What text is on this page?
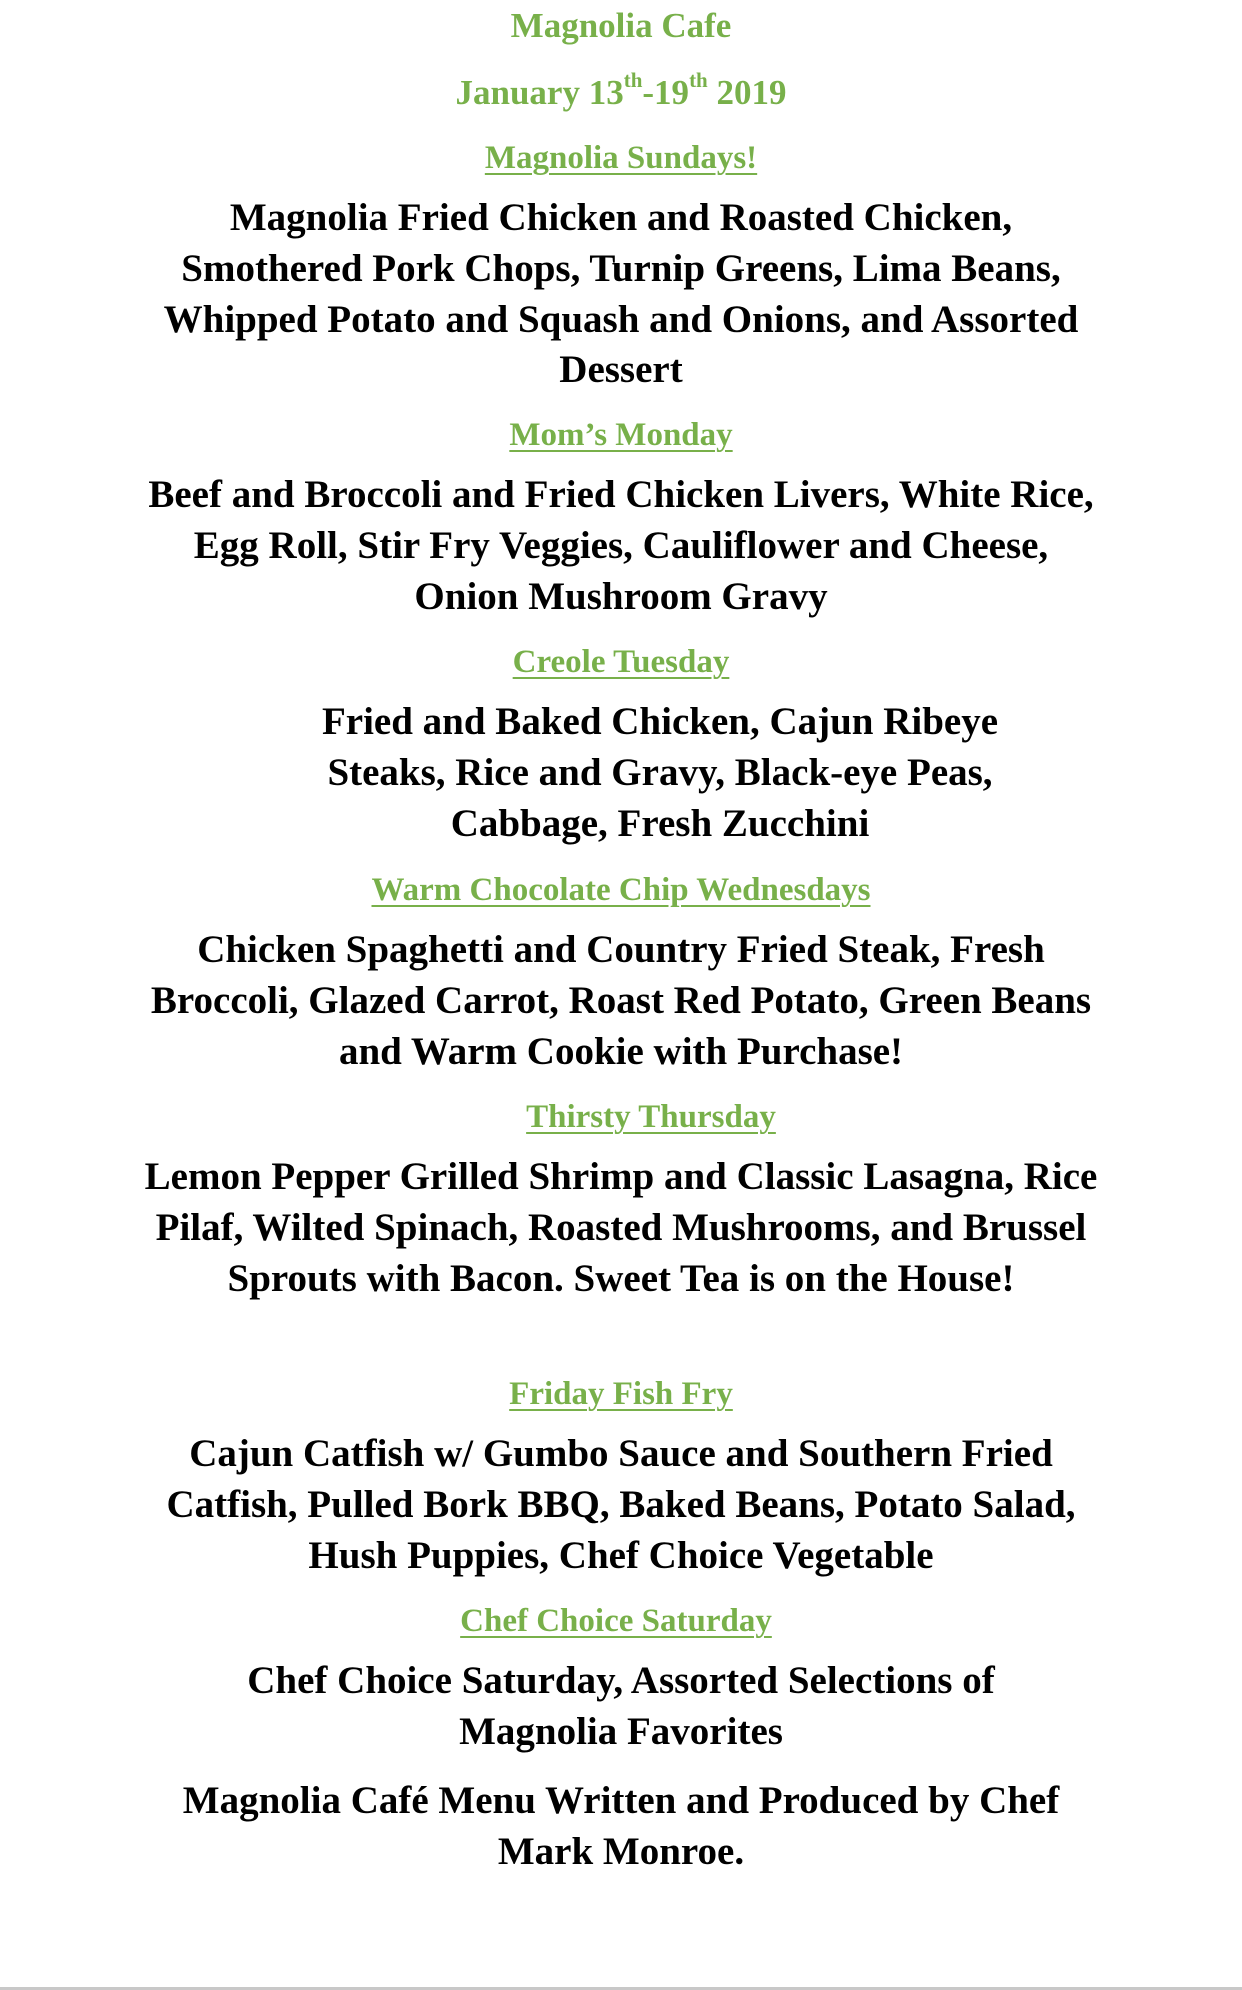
Magnolia Cafe
January 13th-19th 2019
Magnolia Sundays!
Magnolia Fried Chicken and Roasted Chicken, Smothered Pork Chops, Turnip Greens, Lima Beans, Whipped Potato and Squash and Onions, and Assorted Dessert
Mom’s Monday
Beef and Broccoli and Fried Chicken Livers, White Rice, Egg Roll, Stir Fry Veggies, Cauliflower and Cheese, Onion Mushroom Gravy
Creole Tuesday
Fried and Baked Chicken, Cajun Ribeye Steaks, Rice and Gravy, Black-eye Peas, Cabbage, Fresh Zucchini
Warm Chocolate Chip Wednesdays
Chicken Spaghetti and Country Fried Steak, Fresh Broccoli, Glazed Carrot, Roast Red Potato, Green Beans and Warm Cookie with Purchase!
Thirsty Thursday
Lemon Pepper Grilled Shrimp and Classic Lasagna, Rice Pilaf, Wilted Spinach, Roasted Mushrooms, and Brussel Sprouts with Bacon. Sweet Tea is on the House!
Friday Fish Fry
Cajun Catfish w/ Gumbo Sauce and Southern Fried Catfish, Pulled Bork BBQ, Baked Beans, Potato Salad, Hush Puppies, Chef Choice Vegetable
Chef Choice Saturday
Chef Choice Saturday, Assorted Selections of Magnolia Favorites
Magnolia Café Menu Written and Produced by Chef Mark Monroe.
